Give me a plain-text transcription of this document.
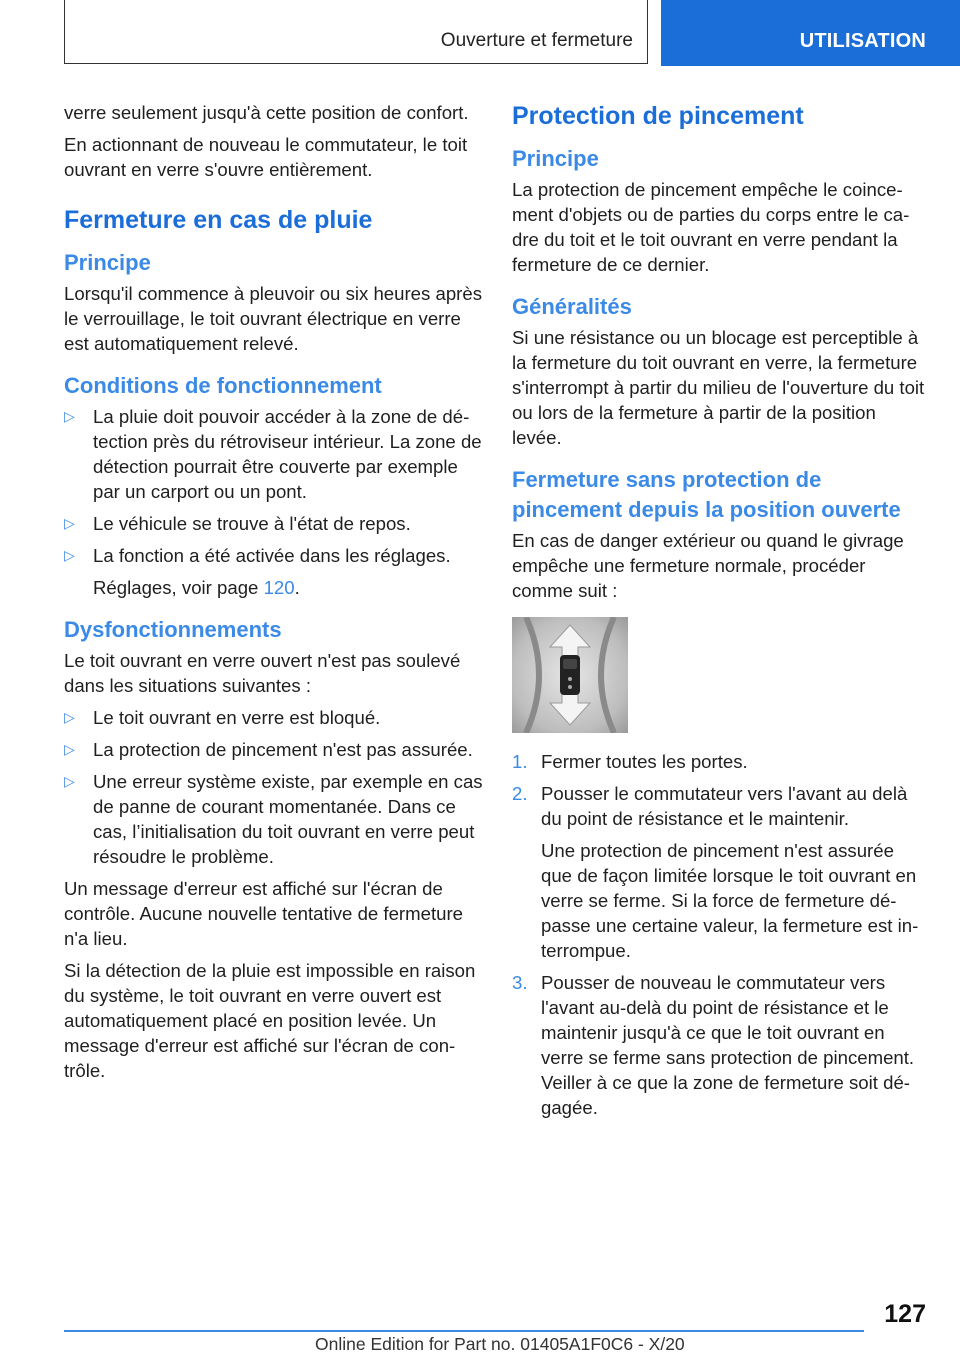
Ouverture et fermeture	UTILISATION

verre seulement jusqu'à cette position de confort.

En actionnant de nouveau le commutateur, le toit ouvrant en verre s'ouvre entièrement.

Fermeture en cas de pluie
Principe

Lorsqu'il commence à pleuvoir ou six heures après le verrouillage, le toit ouvrant électrique en verre est automatiquement relevé.

Conditions de fonctionnement
▷ La pluie doit pouvoir accéder à la zone de détection près du rétroviseur intérieur. La zone de détection pourrait être couverte par exemple par un carport ou un pont.
▷ Le véhicule se trouve à l'état de repos.
▷ La fonction a été activée dans les réglages.

Réglages, voir page 120.

Dysfonctionnements

Le toit ouvrant en verre ouvert n'est pas soulevé dans les situations suivantes :

▷ Le toit ouvrant en verre est bloqué.
▷ La protection de pincement n'est pas assurée.
▷ Une erreur système existe, par exemple en cas de panne de courant momentanée. Dans ce cas, l’initialisation du toit ouvrant en verre peut résoudre le problème.

Un message d'erreur est affiché sur l'écran de contrôle. Aucune nouvelle tentative de fermeture n'a lieu.

Si la détection de la pluie est impossible en raison du système, le toit ouvrant en verre ouvert est automatiquement placé en position levée. Un message d'erreur est affiché sur l'écran de contrôle.

Protection de pincement
Principe

La protection de pincement empêche le coincement d'objets ou de parties du corps entre le cadre du toit et le toit ouvrant en verre pendant la fermeture de ce dernier.

Généralités

Si une résistance ou un blocage est perceptible à la fermeture du toit ouvrant en verre, la fermeture s'interrompt à partir du milieu de l'ouverture du toit ou lors de la fermeture à partir de la position levée.

Fermeture sans protection de pincement depuis la position ouverte

En cas de danger extérieur ou quand le givrage empêche une fermeture normale, procéder comme suit :

1. Fermer toutes les portes.
2. Pousser le commutateur vers l'avant au delà du point de résistance et le maintenir.

Une protection de pincement n'est assurée que de façon limitée lorsque le toit ouvrant en verre se ferme. Si la force de fermeture dépasse une certaine valeur, la fermeture est interrompue.

3. Pousser de nouveau le commutateur vers l'avant au-delà du point de résistance et le maintenir jusqu'à ce que le toit ouvrant en verre se ferme sans protection de pincement. Veiller à ce que la zone de fermeture soit dégagée.
127
Online Edition for Part no. 01405A1F0C6 - X/20
